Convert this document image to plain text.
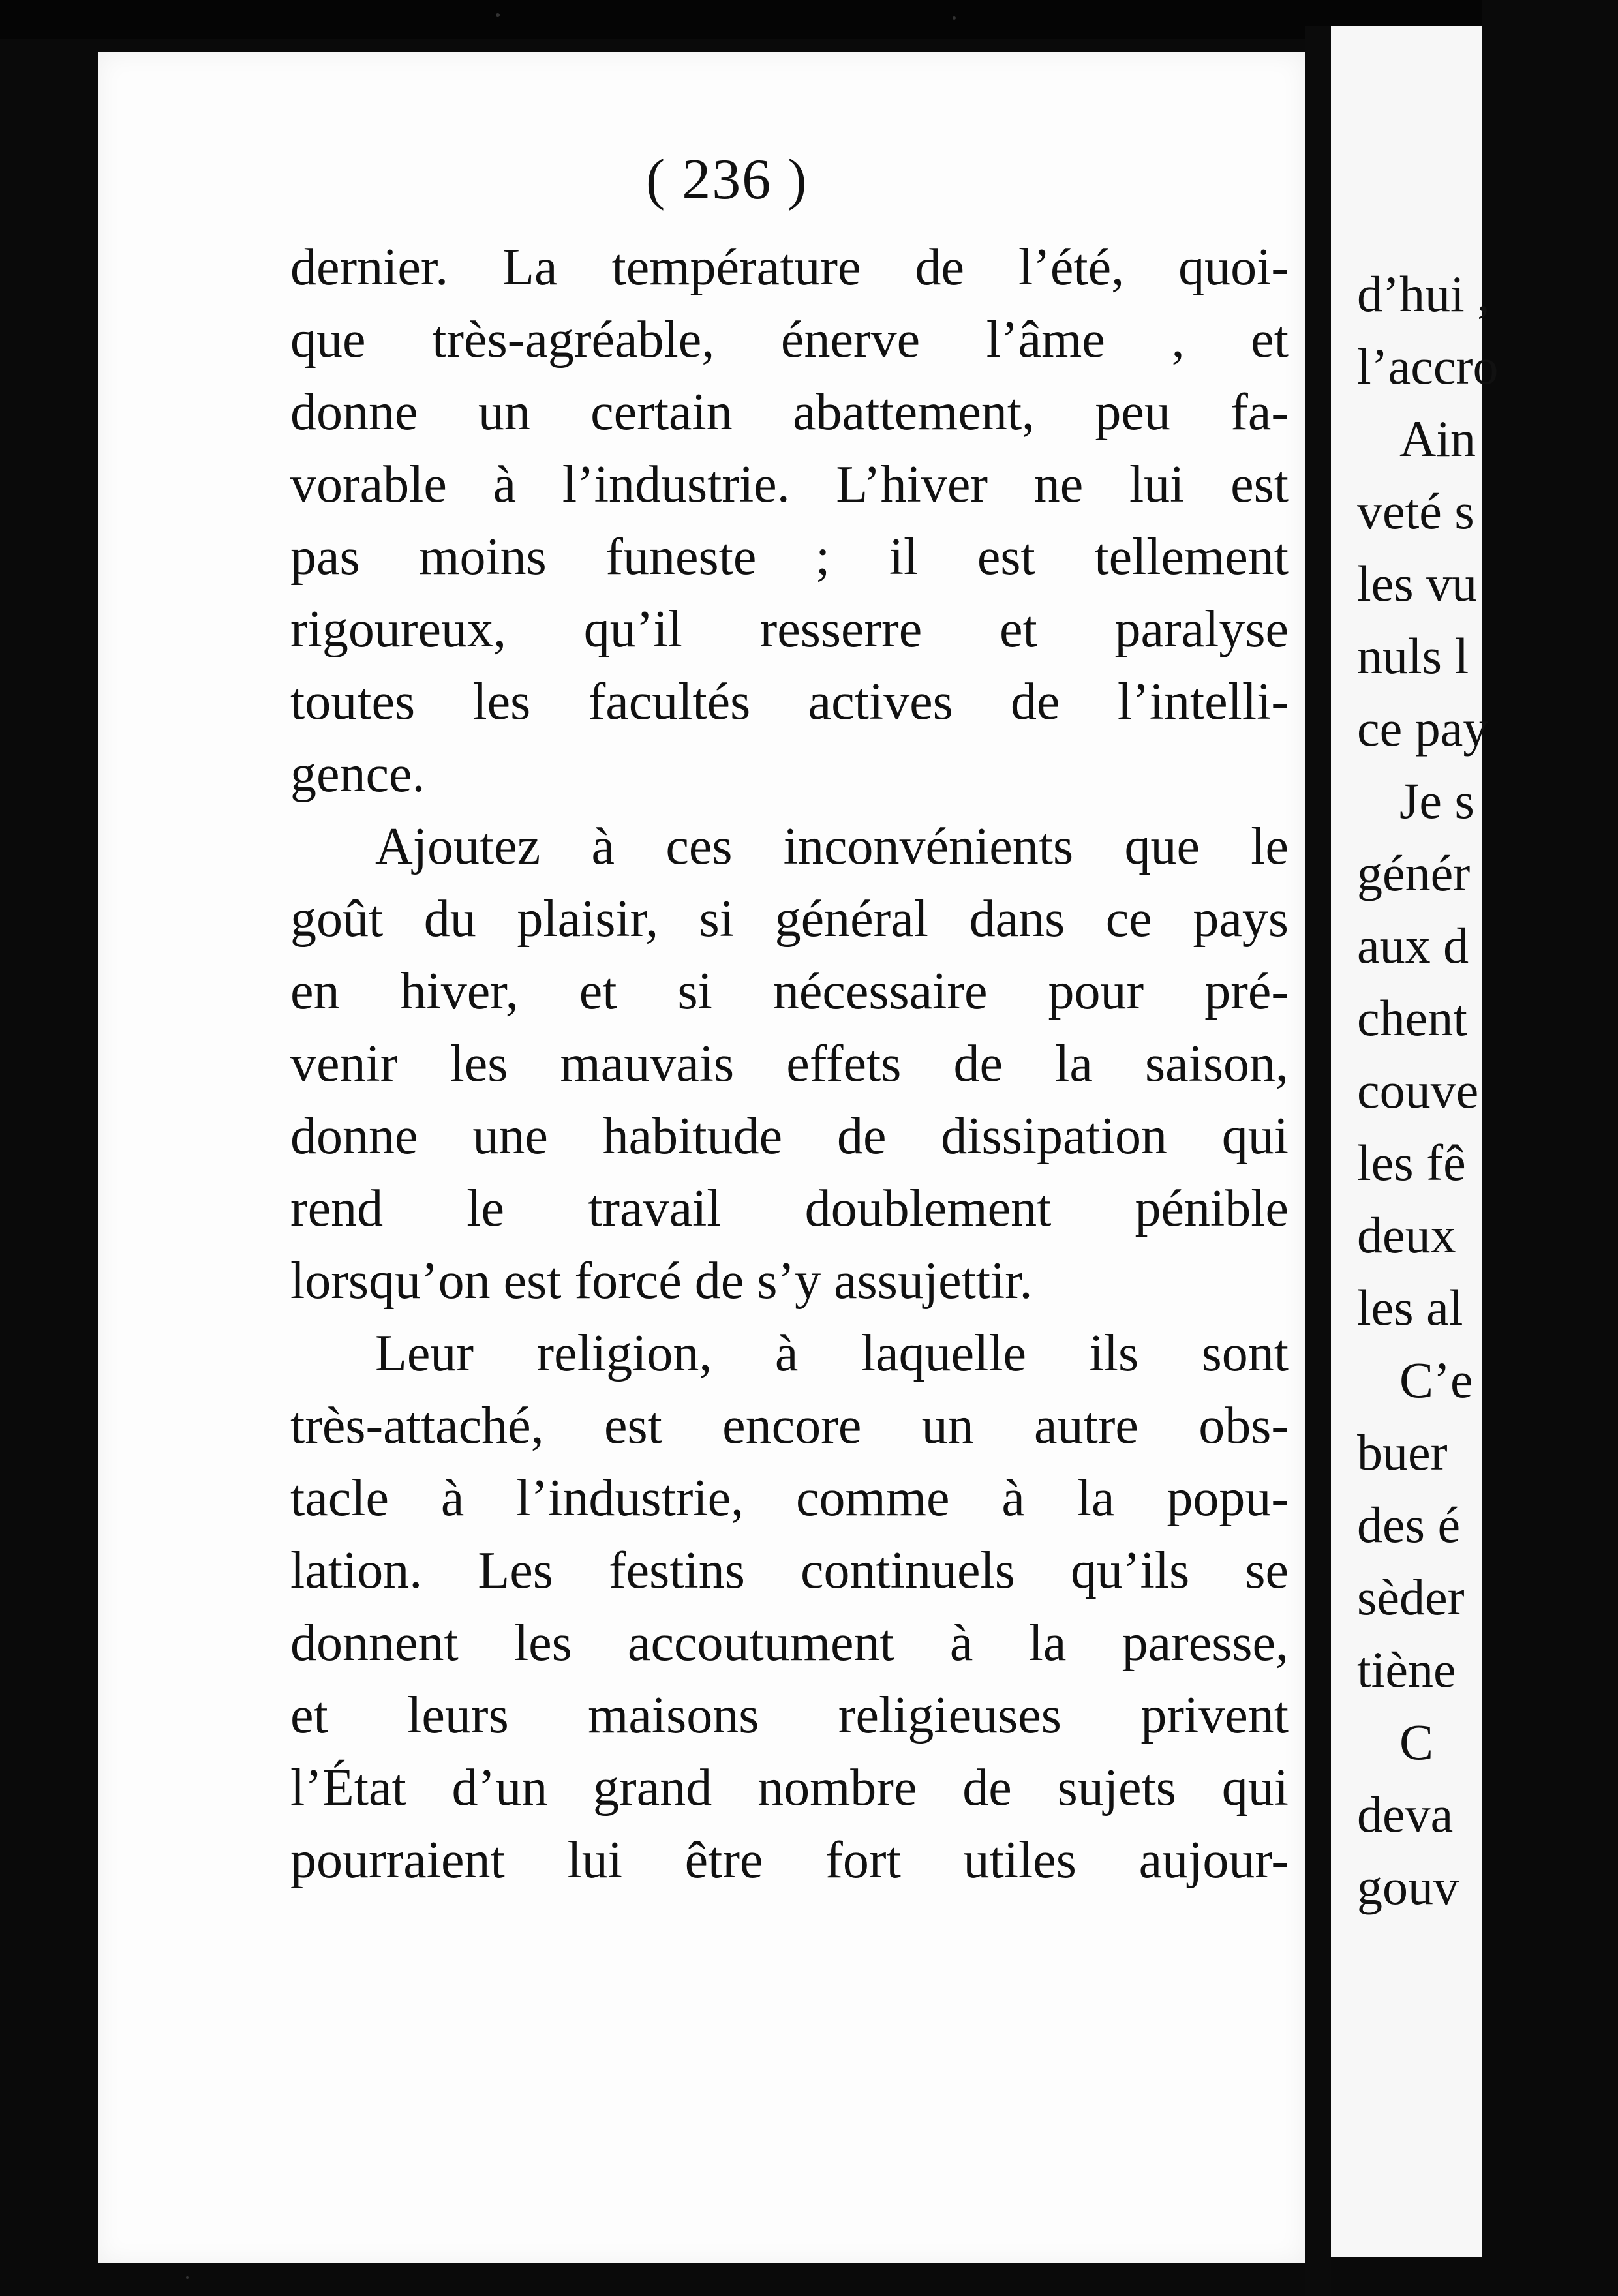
( 236 )
dernier. La température de l’été, quoi-
que très-agréable, énerve l’âme , et
donne un certain abattement, peu fa-
vorable à l’industrie. L’hiver ne lui est
pas moins funeste ; il est tellement
rigoureux, qu’il resserre et paralyse
toutes les facultés actives de l’intelli-
gence.
Ajoutez à ces inconvénients que le
goût du plaisir, si général dans ce pays
en hiver, et si nécessaire pour pré-
venir les mauvais effets de la saison,
donne une habitude de dissipation qui
rend le travail doublement pénible
lorsqu’on est forcé de s’y assujettir.
Leur religion, à laquelle ils sont
très-attaché, est encore un autre obs-
tacle à l’industrie, comme à la popu-
lation. Les festins continuels qu’ils se
donnent les accoutument à la paresse,
et leurs maisons religieuses privent
l’État d’un grand nombre de sujets qui
pourraient lui être fort utiles aujour-
d’hui ,
l’accro
Ain
veté s
les vu
nuls l
ce pay
Je s
génér
aux d
chent
couve
les fê
deux
les al
C’e
buer
des é
sèder
tiène
C
deva
gouv
